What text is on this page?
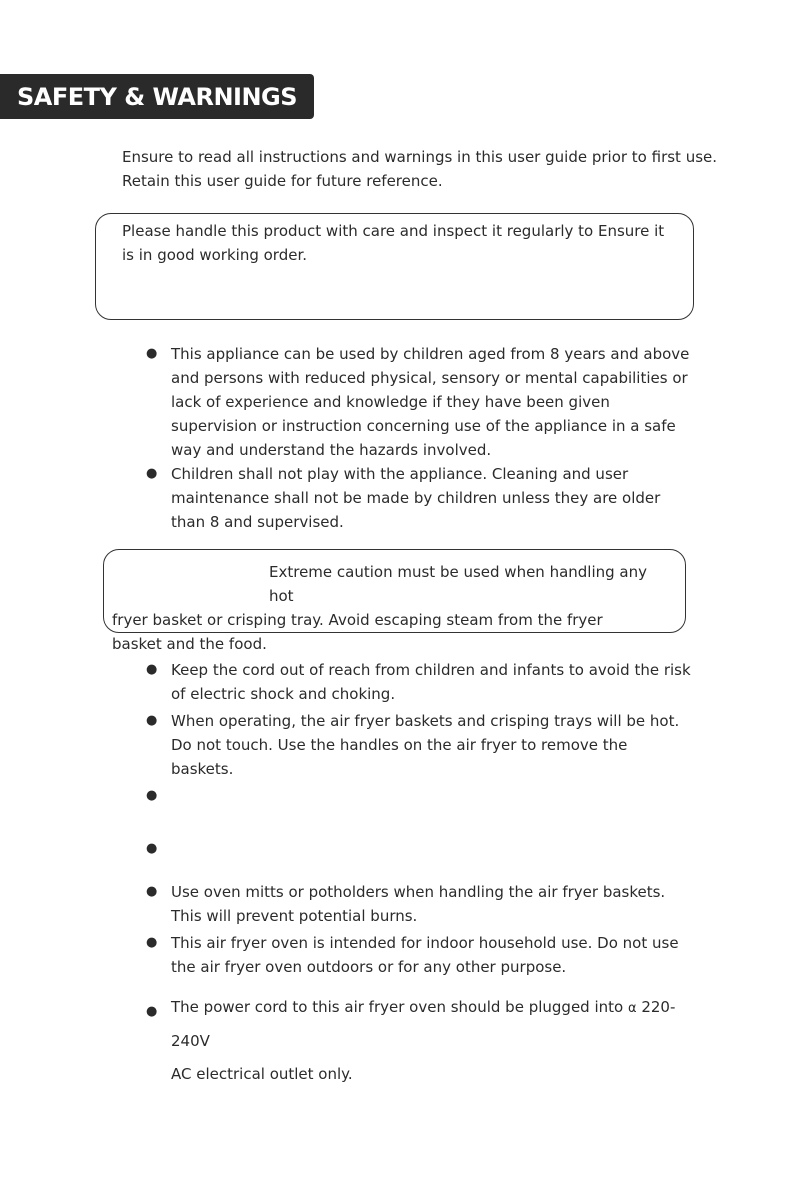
SAFETY & WARNINGS

Ensure to read all instructions and warnings in this user guide prior to first use.

Retain this user guide for future reference.

Please handle this product with care and inspect it regularly to Ensure it is in good working order.

● This appliance can be used by children aged from 8 years and above and persons with reduced physical, sensory or mental capabilities or lack of experience and knowledge if they have been given supervision or instruction concerning use of the appliance in a safe way and understand the hazards involved.
● Children shall not play with the appliance. Cleaning and user maintenance shall not be made by children unless they are older than 8 and supervised.

Extreme caution must be used when handling any hot

fryer basket or crisping tray. Avoid escaping steam from the fryer

basket and the food.

● Keep the cord out of reach from children and infants to avoid the risk of electric shock and choking.
● When operating, the air fryer baskets and crisping trays will be hot. Do not touch. Use the handles on the air fryer to remove the baskets.
●
●
● Use oven mitts or potholders when handling the air fryer baskets. This will prevent potential burns.
● This air fryer oven is intended for indoor household use. Do not use the air fryer oven outdoors or for any other purpose.
● The power cord to this air fryer oven should be plugged into α 220-240V
AC electrical outlet only.
